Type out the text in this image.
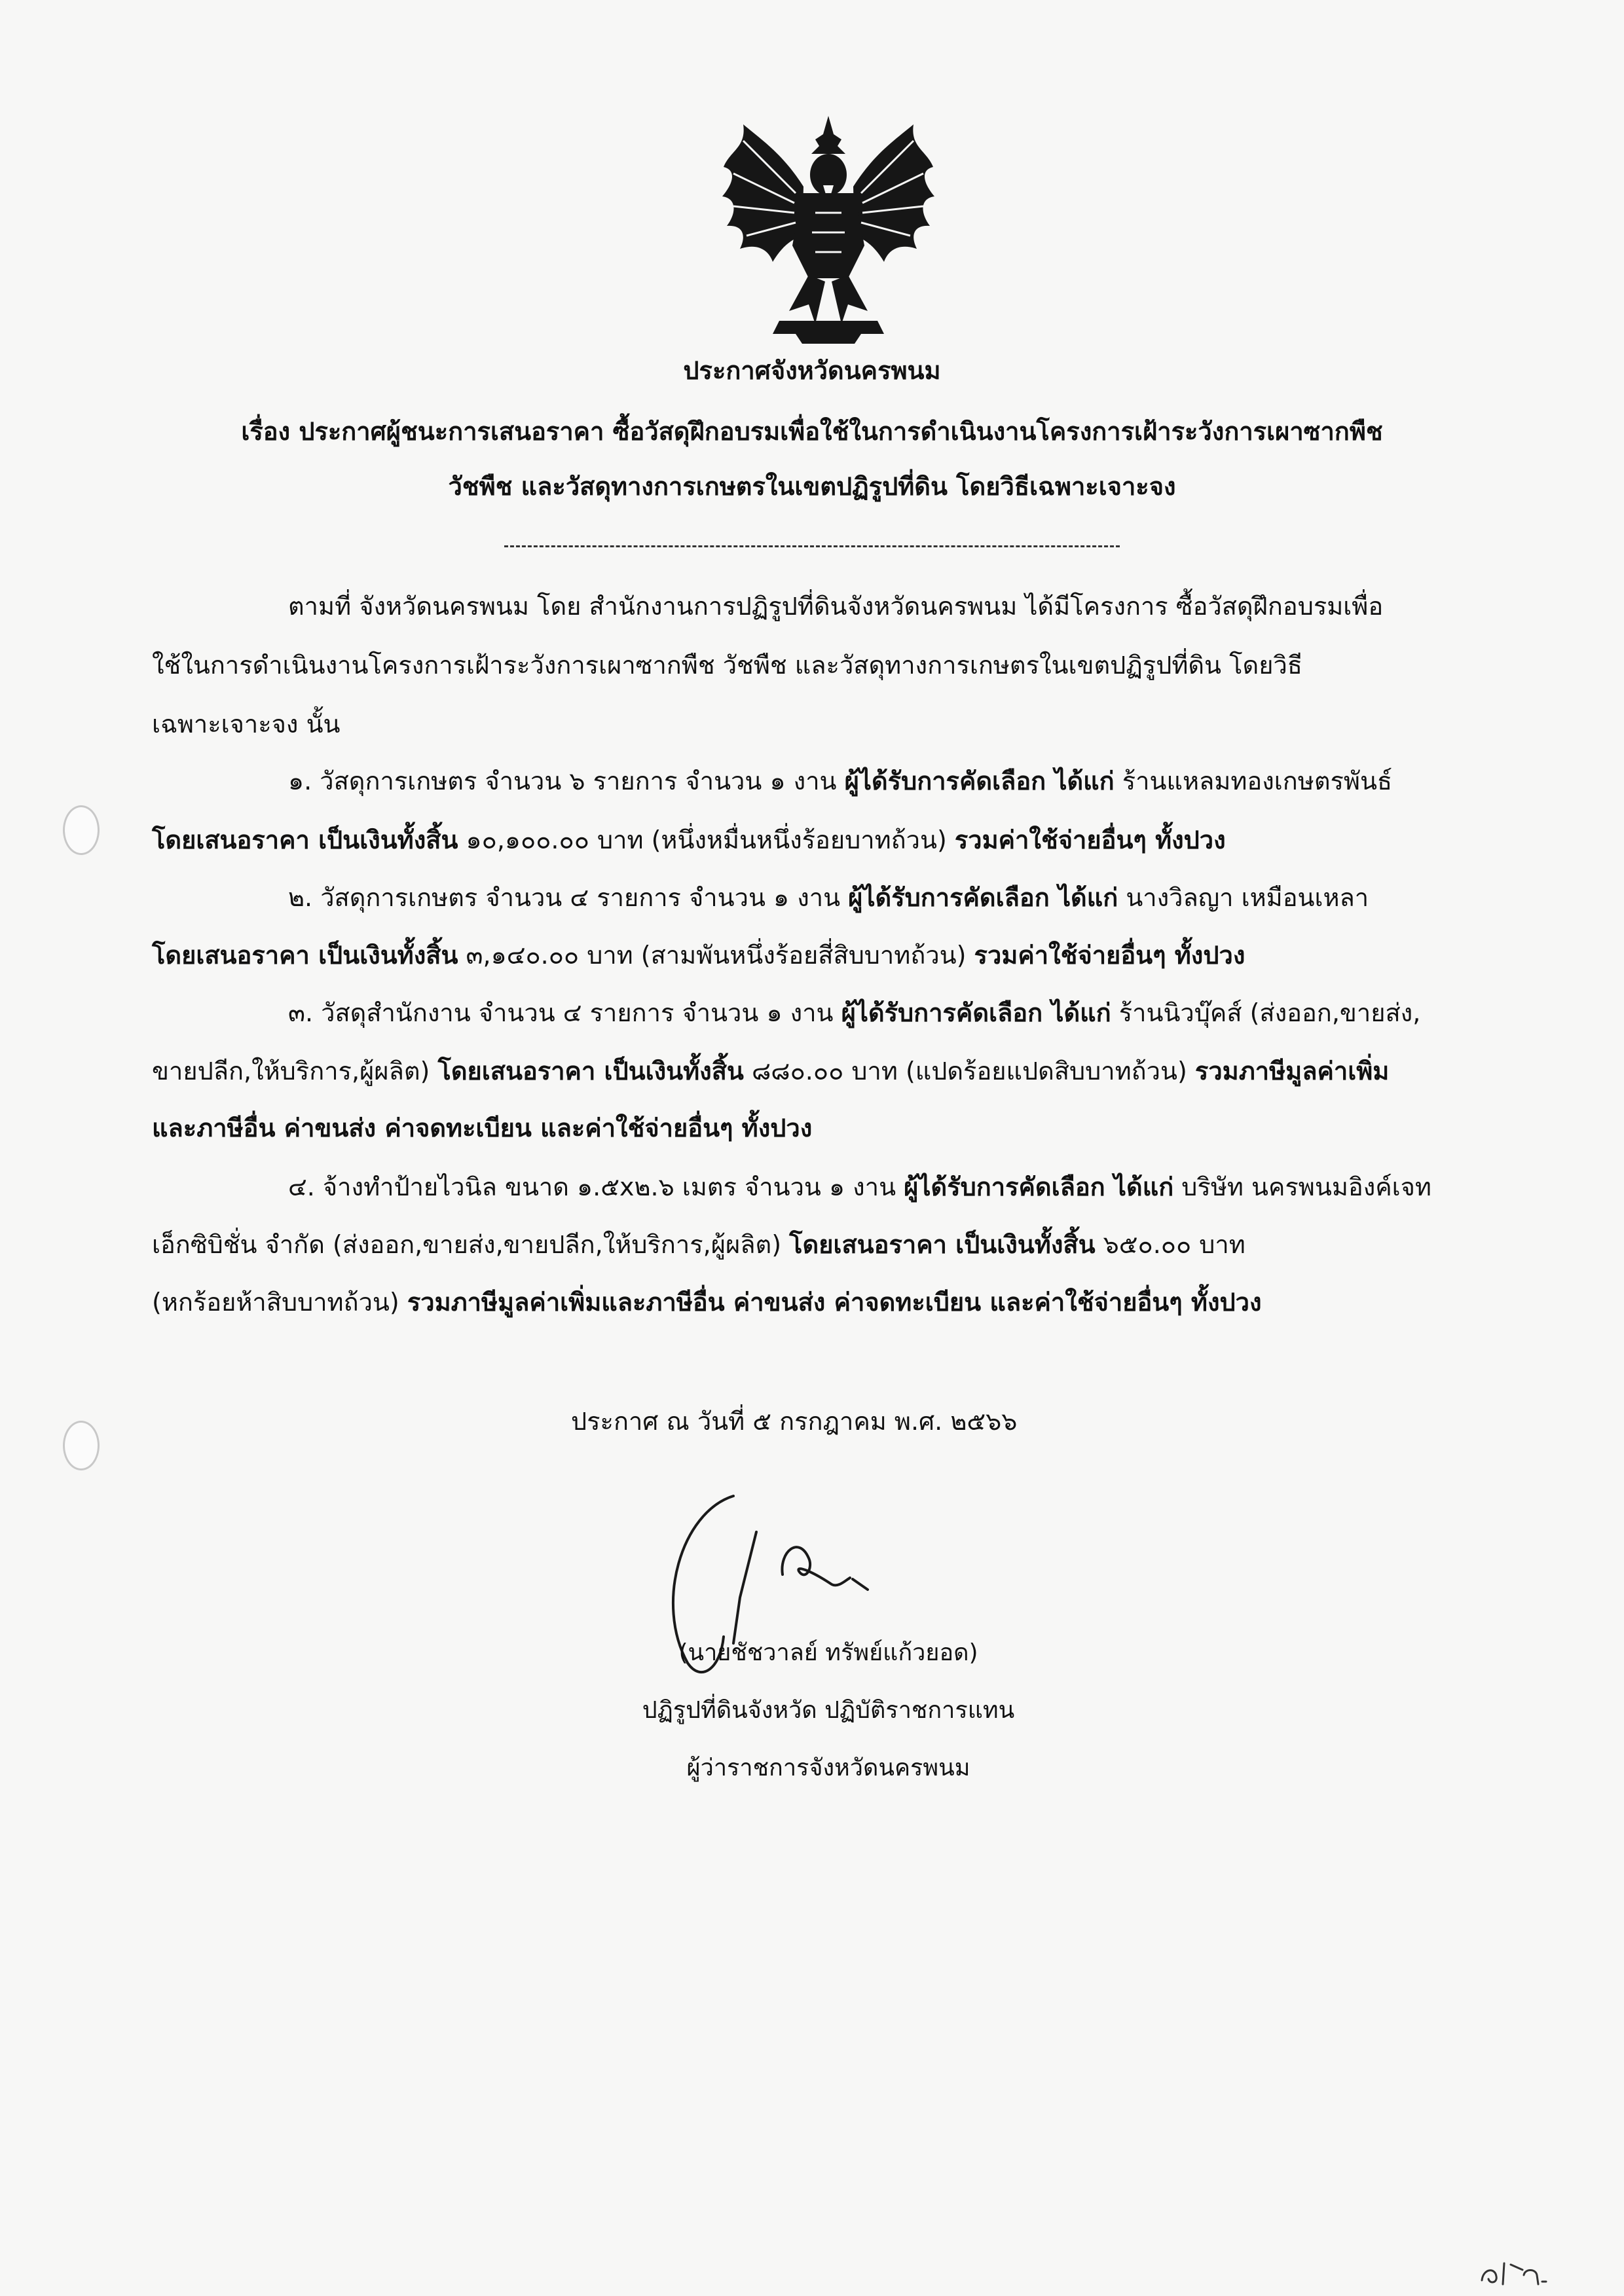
ประกาศจังหวัดนครพนม
เรื่อง ประกาศผู้ชนะการเสนอราคา ซื้อวัสดุฝึกอบรมเพื่อใช้ในการดำเนินงานโครงการเฝ้าระวังการเผาซากพืช
วัชพืช และวัสดุทางการเกษตรในเขตปฏิรูปที่ดิน โดยวิธีเฉพาะเจาะจง
ตามที่ จังหวัดนครพนม โดย สำนักงานการปฏิรูปที่ดินจังหวัดนครพนม ได้มีโครงการ ซื้อวัสดุฝึกอบรมเพื่อ
ใช้ในการดำเนินงานโครงการเฝ้าระวังการเผาซากพืช วัชพืช และวัสดุทางการเกษตรในเขตปฏิรูปที่ดิน โดยวิธี
เฉพาะเจาะจง นั้น
๑. วัสดุการเกษตร จำนวน ๖ รายการ จำนวน ๑ งาน ผู้ได้รับการคัดเลือก ได้แก่ ร้านแหลมทองเกษตรพันธ์
โดยเสนอราคา เป็นเงินทั้งสิ้น ๑๐,๑๐๐.๐๐ บาท (หนึ่งหมื่นหนึ่งร้อยบาทถ้วน) รวมค่าใช้จ่ายอื่นๆ ทั้งปวง
๒. วัสดุการเกษตร จำนวน ๔ รายการ จำนวน ๑ งาน ผู้ได้รับการคัดเลือก ได้แก่ นางวิลญา เหมือนเหลา
โดยเสนอราคา เป็นเงินทั้งสิ้น ๓,๑๔๐.๐๐ บาท (สามพันหนึ่งร้อยสี่สิบบาทถ้วน) รวมค่าใช้จ่ายอื่นๆ ทั้งปวง
๓. วัสดุสำนักงาน จำนวน ๔ รายการ จำนวน ๑ งาน ผู้ได้รับการคัดเลือก ได้แก่ ร้านนิวบุ๊คส์ (ส่งออก,ขายส่ง,
ขายปลีก,ให้บริการ,ผู้ผลิต) โดยเสนอราคา เป็นเงินทั้งสิ้น ๘๘๐.๐๐ บาท (แปดร้อยแปดสิบบาทถ้วน) รวมภาษีมูลค่าเพิ่ม
และภาษีอื่น ค่าขนส่ง ค่าจดทะเบียน และค่าใช้จ่ายอื่นๆ ทั้งปวง
๔. จ้างทำป้ายไวนิล ขนาด ๑.๕x๒.๖ เมตร จำนวน ๑ งาน ผู้ได้รับการคัดเลือก ได้แก่ บริษัท นครพนมอิงค์เจท
เอ็กซิบิชั่น จำกัด (ส่งออก,ขายส่ง,ขายปลีก,ให้บริการ,ผู้ผลิต) โดยเสนอราคา เป็นเงินทั้งสิ้น ๖๕๐.๐๐ บาท
(หกร้อยห้าสิบบาทถ้วน) รวมภาษีมูลค่าเพิ่มและภาษีอื่น ค่าขนส่ง ค่าจดทะเบียน และค่าใช้จ่ายอื่นๆ ทั้งปวง
ประกาศ ณ วันที่ ๕ กรกฎาคม พ.ศ. ๒๕๖๖
(นายชัชวาลย์ ทรัพย์แก้วยอด)
ปฏิรูปที่ดินจังหวัด ปฏิบัติราชการแทน
ผู้ว่าราชการจังหวัดนครพนม
